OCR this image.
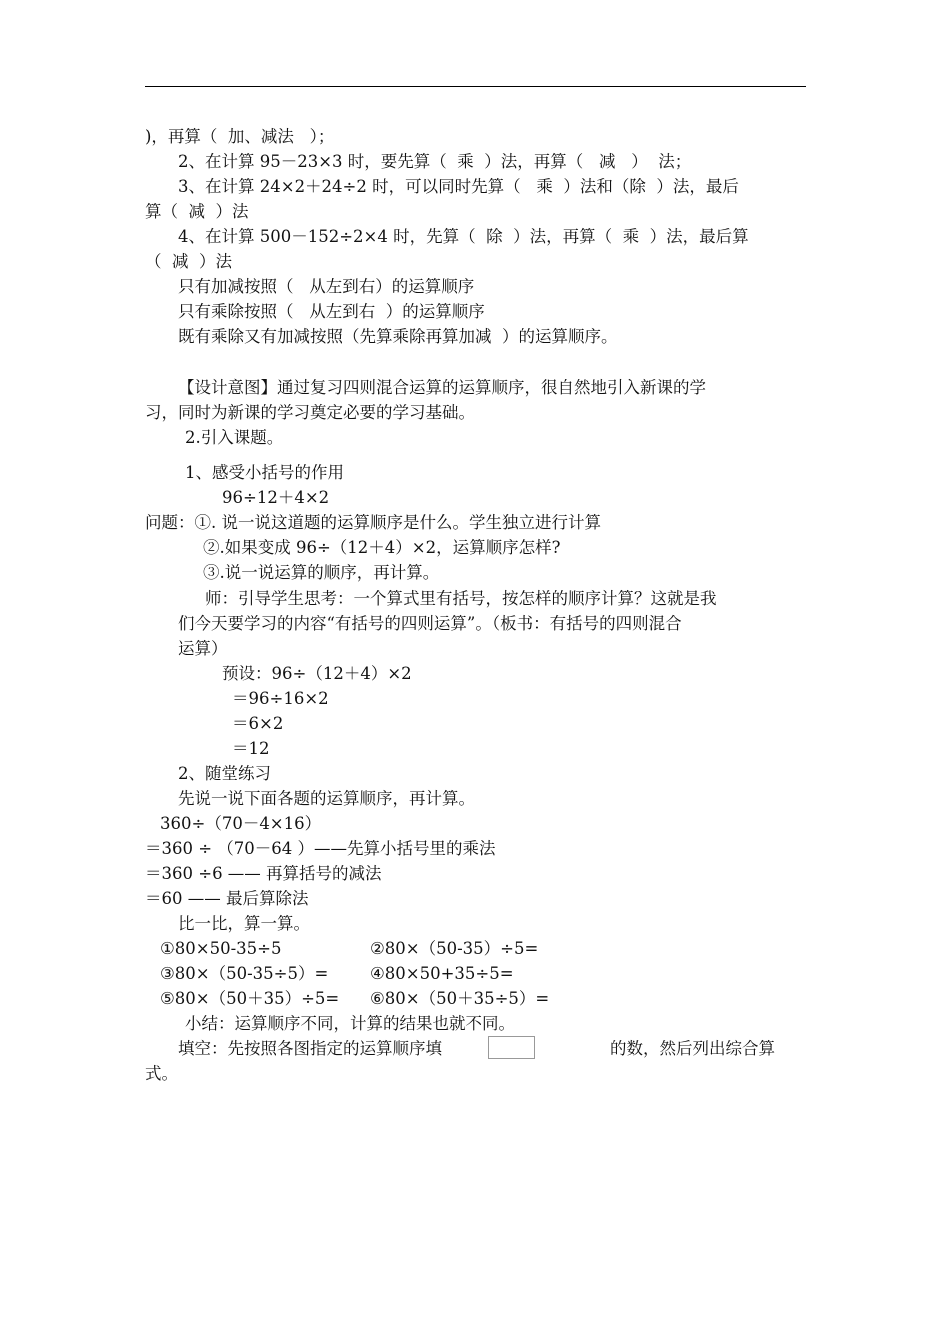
)，再算（  加、减法   ）；
2、在计算 95－23×3 时，要先算（  乘  ）法，再算（   减   ）  法；
3、在计算 24×2＋24÷2 时，可以同时先算（   乘  ）法和（除  ）法，最后
算（  减  ）法
4、在计算 500－152÷2×4 时，先算（  除  ）法，再算（  乘  ）法，最后算
（  减  ）法
只有加减按照（   从左到右）的运算顺序
只有乘除按照（   从左到右  ）的运算顺序
既有乘除又有加减按照（先算乘除再算加减  ）的运算顺序。
【设计意图】通过复习四则混合运算的运算顺序，很自然地引入新课的学
习，同时为新课的学习奠定必要的学习基础。
2.引入课题。
1、感受小括号的作用
96÷12＋4×2
问题：①. 说一说这道题的运算顺序是什么。学生独立进行计算
②.如果变成 96÷（12＋4）×2，运算顺序怎样?
③.说一说运算的顺序，再计算。
师：引导学生思考：一个算式里有括号，按怎样的顺序计算？这就是我
们今天要学习的内容“有括号的四则运算”。（板书：有括号的四则混合
运算）
预设：96÷（12＋4）×2
＝96÷16×2
＝6×2
＝12
2、随堂练习
先说一说下面各题的运算顺序，再计算。
360÷（70－4×16）
＝360 ÷ （70－64 ）——先算小括号里的乘法
＝360 ÷6 —— 再算括号的减法
＝60 —— 最后算除法
比一比，算一算。
①80×50-35÷5	②80×（50-35）÷5=
③80×（50-35÷5）=	④80×50+35÷5=
⑤80×（50＋35）÷5= ⑥80×（50＋35÷5）=
小结：运算顺序不同，计算的结果也就不同。
填空：先按照各图指定的运算顺序填	的数，然后列出综合算
式。
